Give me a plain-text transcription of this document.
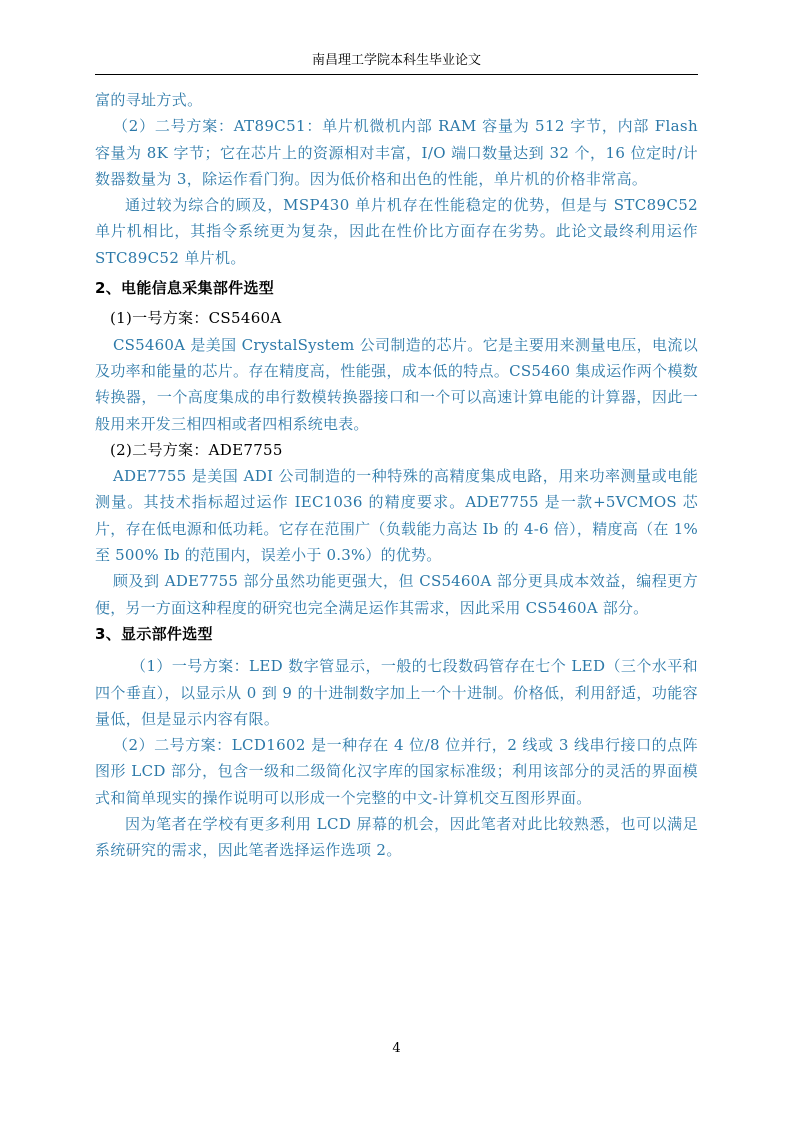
南昌理工学院本科生毕业论文

富的寻址方式。

（2）二号方案：AT89C51：单片机微机内部 RAM 容量为 512 字节，内部 Flash 容量为 8K 字节；它在芯片上的资源相对丰富，I/O 端口数量达到 32 个，16 位定时/计数器数量为 3，除运作看门狗。因为低价格和出色的性能，单片机的价格非常高。

通过较为综合的顾及，MSP430 单片机存在性能稳定的优势，但是与 STC89C52 单片机相比，其指令系统更为复杂，因此在性价比方面存在劣势。此论文最终利用运作 STC89C52 单片机。

2、电能信息采集部件选型

(1)一号方案：CS5460A

CS5460A 是美国 CrystalSystem 公司制造的芯片。它是主要用来测量电压，电流以及功率和能量的芯片。存在精度高，性能强，成本低的特点。CS5460 集成运作两个模数转换器，一个高度集成的串行数模转换器接口和一个可以高速计算电能的计算器，因此一般用来开发三相四相或者四相系统电表。

(2)二号方案：ADE7755

ADE7755 是美国 ADI 公司制造的一种特殊的高精度集成电路，用来功率测量或电能测量。其技术指标超过运作 IEC1036 的精度要求。ADE7755 是一款+5VCMOS 芯片，存在低电源和低功耗。它存在范围广（负载能力高达 Ib 的 4-6 倍），精度高（在 1%至 500% Ib 的范围内，误差小于 0.3%）的优势。

顾及到 ADE7755 部分虽然功能更强大，但 CS5460A 部分更具成本效益，编程更方便，另一方面这种程度的研究也完全满足运作其需求，因此采用 CS5460A 部分。

3、显示部件选型

（1）一号方案：LED 数字管显示，一般的七段数码管存在七个 LED（三个水平和四个垂直），以显示从 0 到 9 的十进制数字加上一个十进制。价格低，利用舒适，功能容量低，但是显示内容有限。

（2）二号方案：LCD1602 是一种存在 4 位/8 位并行，2 线或 3 线串行接口的点阵图形 LCD 部分，包含一级和二级简化汉字库的国家标准级；利用该部分的灵活的界面模式和简单现实的操作说明可以形成一个完整的中文-计算机交互图形界面。

因为笔者在学校有更多利用 LCD 屏幕的机会，因此笔者对此比较熟悉，也可以满足系统研究的需求，因此笔者选择运作选项 2。

4
